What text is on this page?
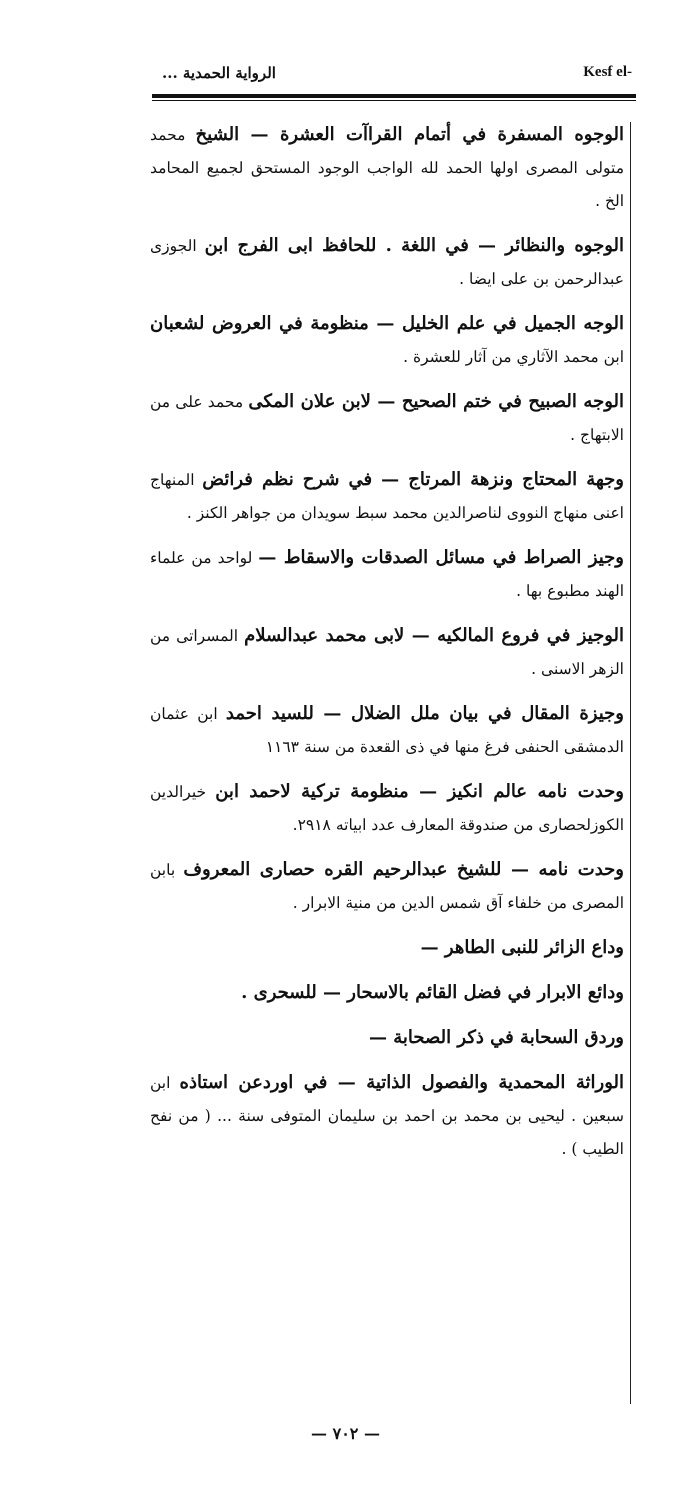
الرواية الحمدية ...	Kesf el-

الوجوه المسفرة في أتمام القراآت العشرة — الشيخ محمد متولى المصرى اولها الحمد لله الواجب الوجود المستحق لجميع المحامد الخ .

الوجوه والنظائر — في اللغة . للحافظ ابى الفرج ابن الجوزى عبدالرحمن بن على ايضا .

الوجه الجميل في علم الخليل — منظومة في العروض لشعبان ابن محمد الآثاري من آثار للعشرة .

الوجه الصبيح في ختم الصحيح — لابن علان المكى محمد على من الابتهاج .

وجهة المحتاج ونزهة المرتاج — في شرح نظم فرائض المنهاج اعنى منهاج النووى لناصرالدين محمد سبط سويدان من جواهر الكنز .

وجيز الصراط في مسائل الصدقات والاسقاط — لواحد من علماء الهند مطبوع بها .

الوجيز في فروع المالكيه — لابى محمد عبدالسلام المسراتى من الزهر الاسنى .

وجيزة المقال في بيان ملل الضلال — للسيد احمد ابن عثمان الدمشقى الحنفى فرغ منها في ذى القعدة من سنة ١١٦٣

وحدت نامه عالم انكيز — منظومة تركية لاحمد ابن خيرالدين الكوزلحصارى من صندوقة المعارف عدد ابياته ٢٩١٨.

وحدت نامه — للشيخ عبدالرحيم القره حصارى المعروف بابن المصرى من خلفاء آق شمس الدين من منية الابرار .

وداع الزائر للنبى الطاهر —

ودائع الابرار في فضل القائم بالاسحار — للسحرى .

وردق السحابة في ذكر الصحابة —

الوراثة المحمدية والفصول الذاتية — في اوردعن استاذه ابن سبعين . ليحيى بن محمد بن احمد بن سليمان المتوفى سنة ... ( من نفح الطيب ) .

— ٧٠٢ —
